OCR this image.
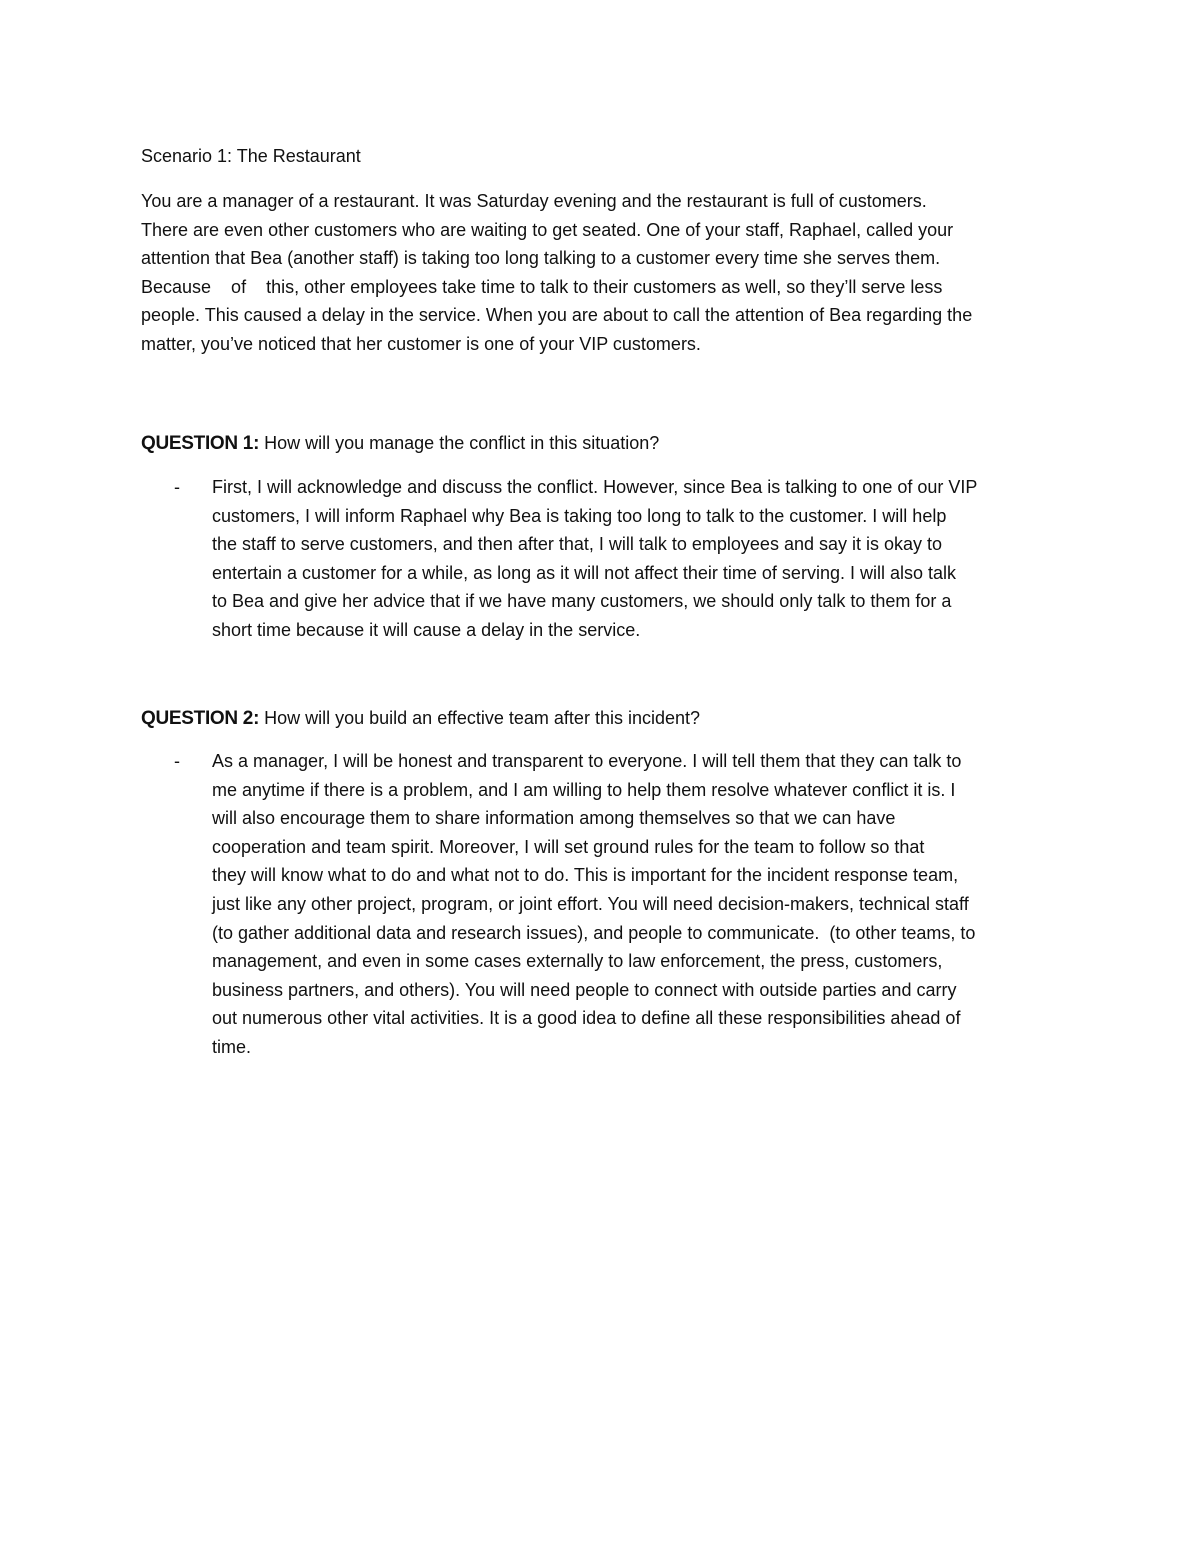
Scenario 1: The Restaurant
You are a manager of a restaurant. It was Saturday evening and the restaurant is full of customers.
There are even other customers who are waiting to get seated. One of your staff, Raphael, called your
attention that Bea (another staff) is taking too long talking to a customer every time she serves them.
Because    of    this, other employees take time to talk to their customers as well, so they’ll serve less
people. This caused a delay in the service. When you are about to call the attention of Bea regarding the
matter, you’ve noticed that her customer is one of your VIP customers.
QUESTION 1: How will you manage the conflict in this situation?
- First, I will acknowledge and discuss the conflict. However, since Bea is talking to one of our VIP
customers, I will inform Raphael why Bea is taking too long to talk to the customer. I will help
the staff to serve customers, and then after that, I will talk to employees and say it is okay to
entertain a customer for a while, as long as it will not affect their time of serving. I will also talk
to Bea and give her advice that if we have many customers, we should only talk to them for a
short time because it will cause a delay in the service.
QUESTION 2: How will you build an effective team after this incident?
- As a manager, I will be honest and transparent to everyone. I will tell them that they can talk to
me anytime if there is a problem, and I am willing to help them resolve whatever conflict it is. I
will also encourage them to share information among themselves so that we can have
cooperation and team spirit. Moreover, I will set ground rules for the team to follow so that
they will know what to do and what not to do. This is important for the incident response team,
just like any other project, program, or joint effort. You will need decision-makers, technical staff
(to gather additional data and research issues), and people to communicate.  (to other teams, to
management, and even in some cases externally to law enforcement, the press, customers,
business partners, and others). You will need people to connect with outside parties and carry
out numerous other vital activities. It is a good idea to define all these responsibilities ahead of
time.
